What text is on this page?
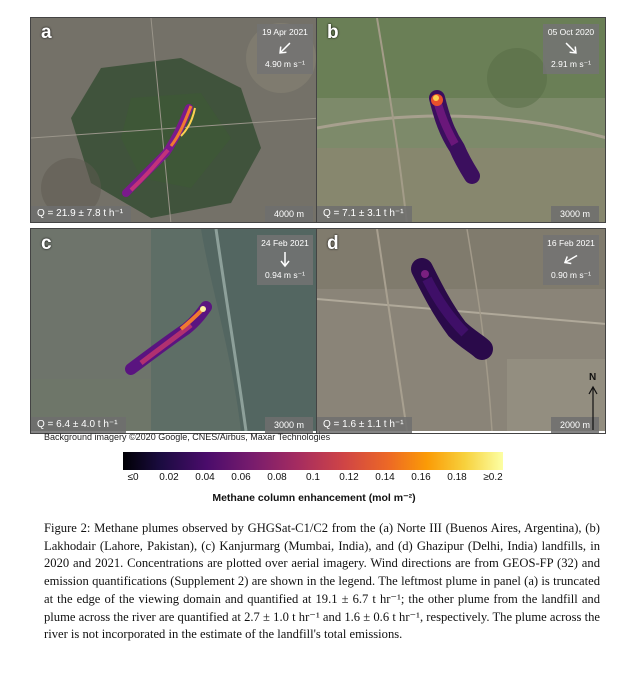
a	19 Apr 2021
4.90 m s⁻¹
Q = 21.9 ± 7.8 t h⁻¹	4000 m
b	05 Oct 2020
2.91 m s⁻¹
Q = 7.1 ± 3.1 t h⁻¹	3000 m
c	24 Feb 2021
0.94 m s⁻¹
Q = 6.4 ± 4.0 t h⁻¹	3000 m
d	16 Feb 2021
0.90 m s⁻¹
Q = 1.6 ± 1.1 t h⁻¹	2000 m
Background imagery ©2020 Google, CNES/Airbus, Maxar Technologies
N
≤0 0.02 0.04 0.06 0.08 0.1 0.12 0.14 0.16 0.18 ≥0.2
Methane column enhancement (mol m⁻²)
Figure 2: Methane plumes observed by GHGSat-C1/C2 from the (a) Norte III (Buenos Aires, Argentina), (b) Lakhodair (Lahore, Pakistan), (c) Kanjurmarg (Mumbai, India), and (d) Ghazipur (Delhi, India) landfills, in 2020 and 2021. Concentrations are plotted over aerial imagery. Wind directions are from GEOS-FP (32) and emission quantifications (Supplement 2) are shown in the legend. The leftmost plume in panel (a) is truncated at the edge of the viewing domain and quantified at 19.1 ± 6.7 t hr⁻¹; the other plume from the landfill and plume across the river are quantified at 2.7 ± 1.0 t hr⁻¹ and 1.6 ± 0.6 t hr⁻¹, respectively. The plume across the river is not incorporated in the estimate of the landfill's total emissions.
